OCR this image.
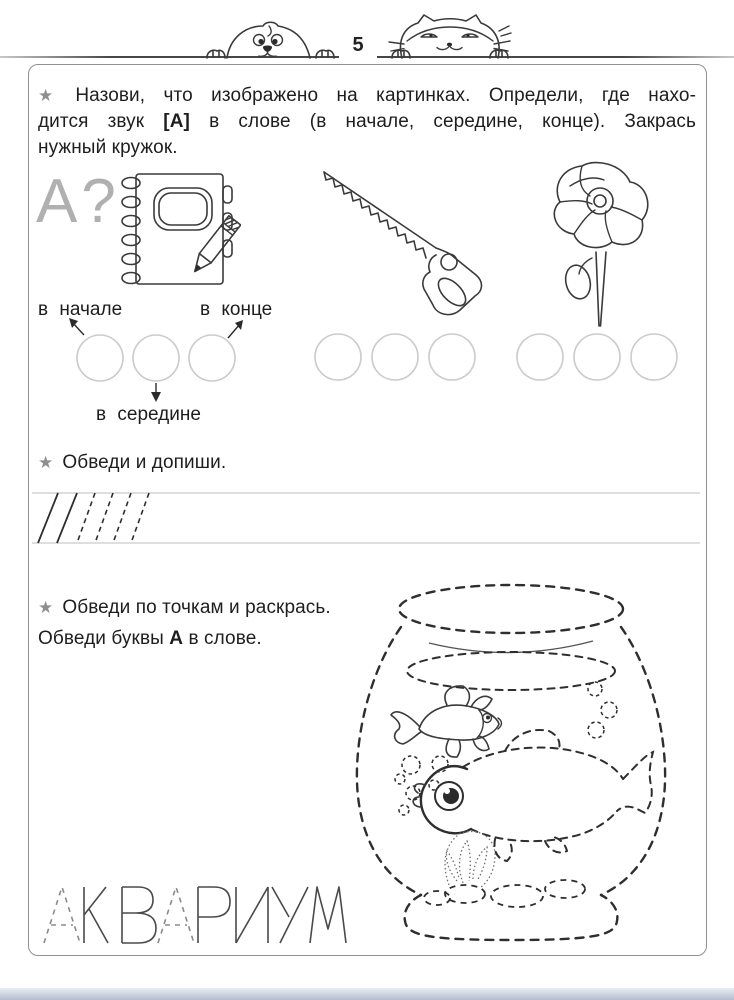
5
★ Назови, что изображено на картинках. Определи, где нахо-
дится звук [А] в слове (в начале, середине, конце). Закрась
нужный кружок.
А?
в начале	в конце
в середине
★ Обведи и допиши.
★ Обведи по точкам и раскрась.
Обведи буквы А в слове.
